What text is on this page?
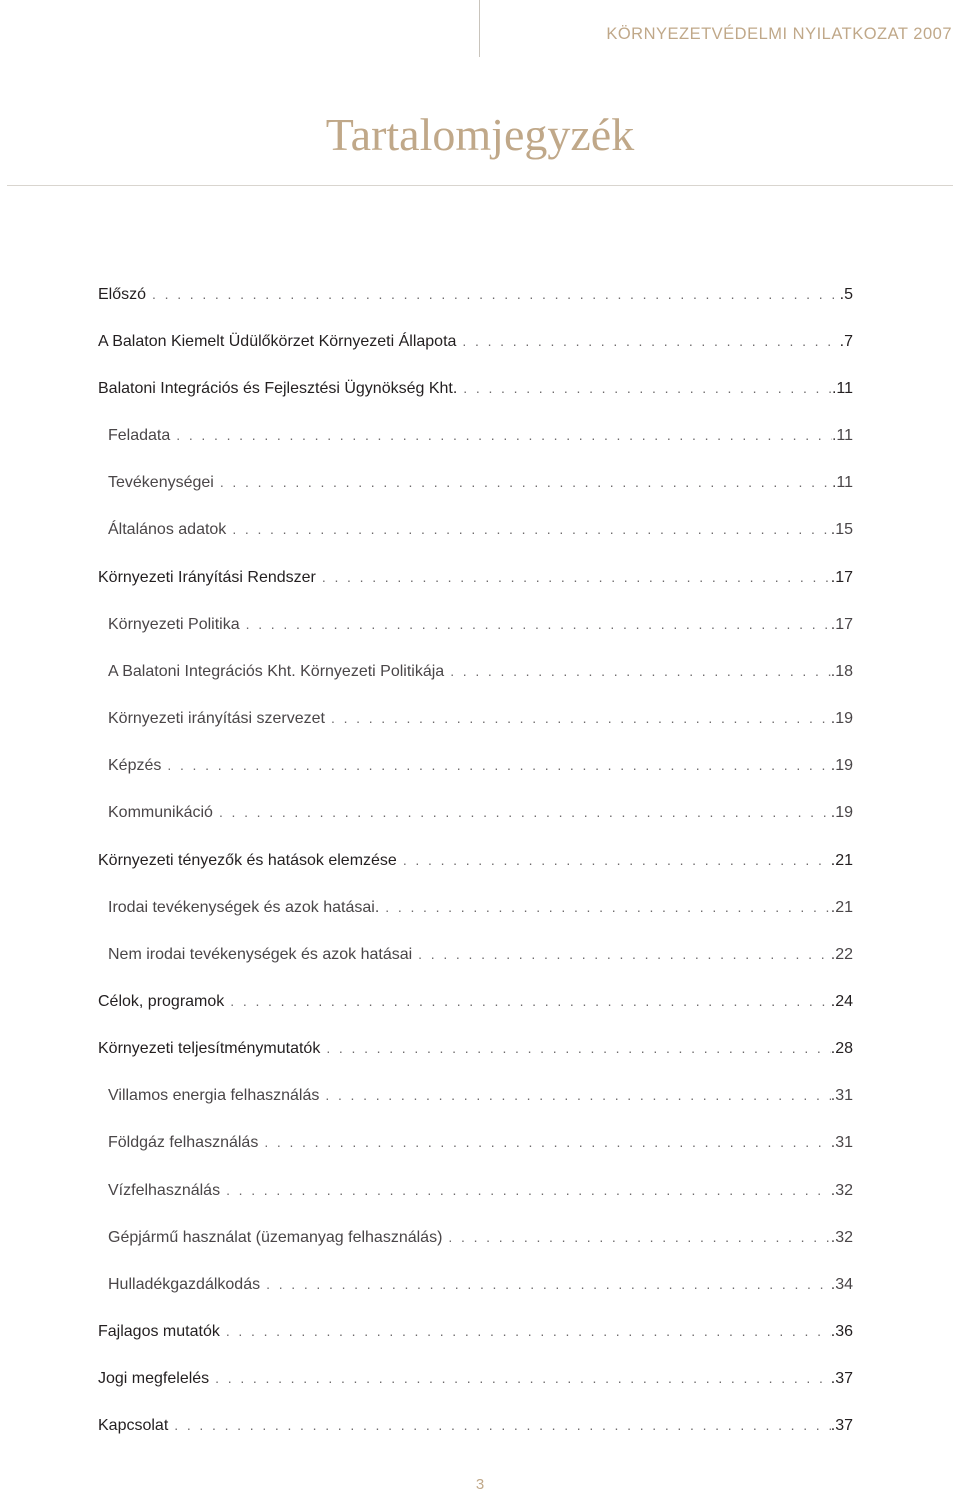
KÖRNYEZETVÉDELMI NYILATKOZAT 2007
Tartalomjegyzék
Előszó . . .	.5
A Balaton Kiemelt Üdülőkörzet Környezeti Állapota . . .	.7
Balatoni Integrációs és Fejlesztési Ügynökség Kht. . . .	.11
Feladata . . .	.11
Tevékenységei . . .	.11
Általános adatok . . .	.15
Környezeti Irányítási Rendszer . . .	.17
Környezeti Politika . . .	.17
A Balatoni Integrációs Kht. Környezeti Politikája . . .	.18
Környezeti irányítási szervezet . . .	.19
Képzés . . .	.19
Kommunikáció . . .	.19
Környezeti tényezők és hatások elemzése . . .	.21
Irodai tevékenységek és azok hatásai. . . .	.21
Nem irodai tevékenységek és azok hatásai . . .	.22
Célok, programok . . .	.24
Környezeti teljesítménymutatók . . .	.28
Villamos energia felhasználás . . .	.31
Földgáz felhasználás . . .	.31
Vízfelhasználás . . .	.32
Gépjármű használat (üzemanyag felhasználás) . . .	.32
Hulladékgazdálkodás . . .	.34
Fajlagos mutatók . . .	.36
Jogi megfelelés . . .	.37
Kapcsolat . . .	.37
3
